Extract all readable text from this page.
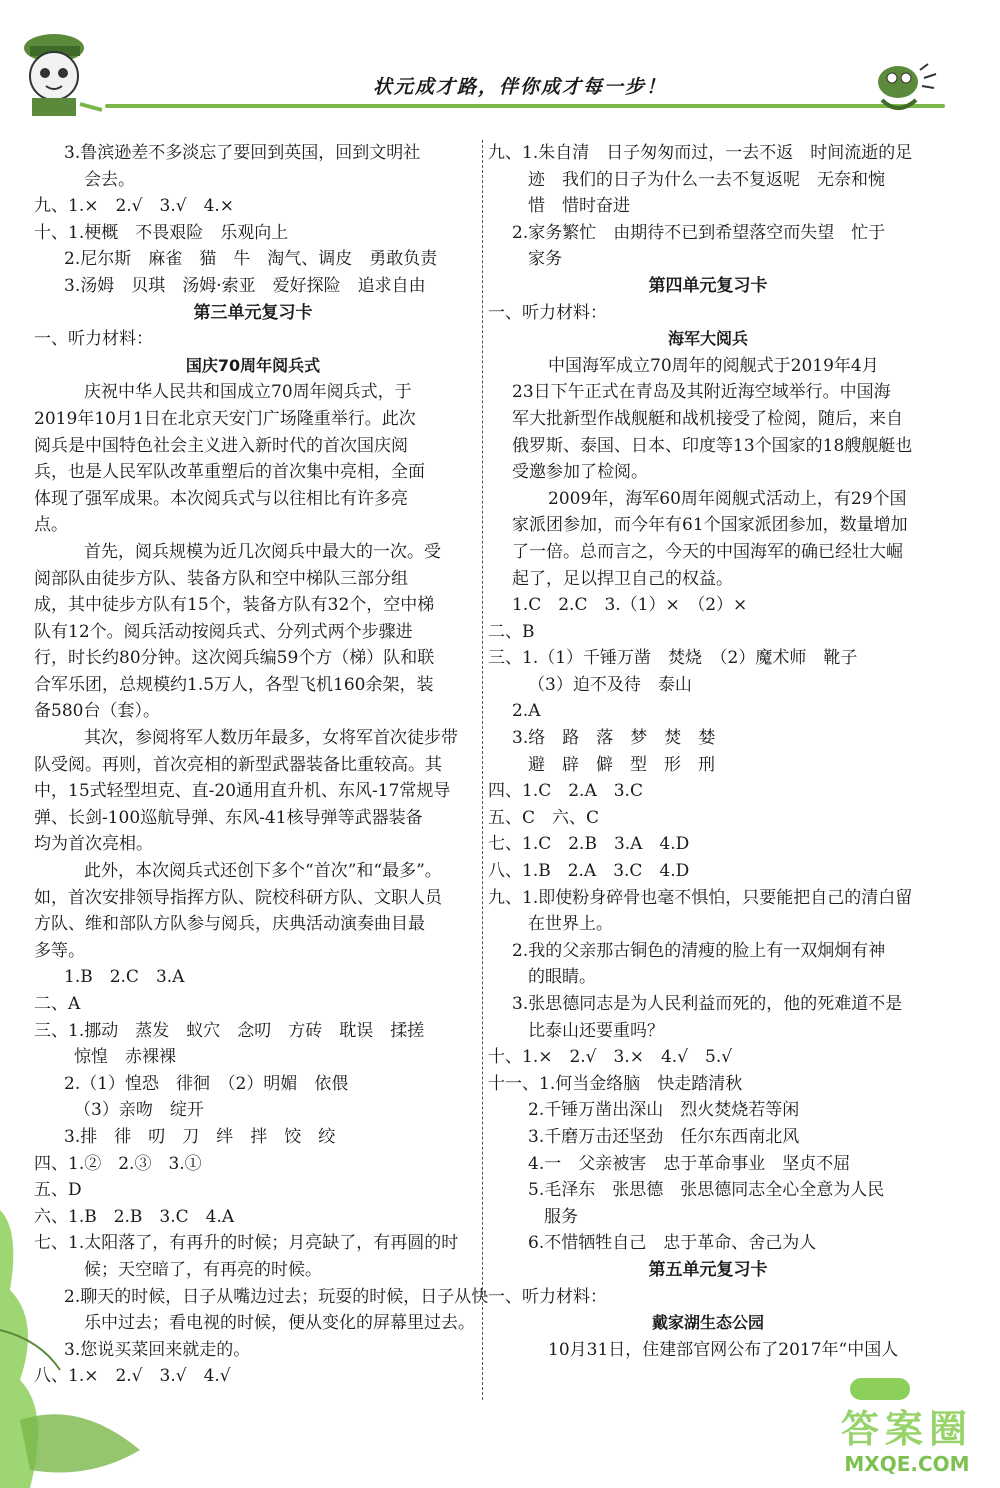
状元成才路，伴你成才每一步！
3.鲁滨逊差不多淡忘了要回到英国，回到文明社
会去。
九、1.×　2.√　3.√　4.×
十、1.梗概　不畏艰险　乐观向上
2.尼尔斯　麻雀　猫　牛　淘气、调皮　勇敢负责
3.汤姆　贝琪　汤姆·索亚　爱好探险　追求自由
第三单元复习卡
一、听力材料：
国庆70周年阅兵式
庆祝中华人民共和国成立70周年阅兵式，于
2019年10月1日在北京天安门广场隆重举行。此次
阅兵是中国特色社会主义进入新时代的首次国庆阅
兵，也是人民军队改革重塑后的首次集中亮相，全面
体现了强军成果。本次阅兵式与以往相比有许多亮
点。
首先，阅兵规模为近几次阅兵中最大的一次。受
阅部队由徒步方队、装备方队和空中梯队三部分组
成，其中徒步方队有15个，装备方队有32个，空中梯
队有12个。阅兵活动按阅兵式、分列式两个步骤进
行，时长约80分钟。这次阅兵编59个方（梯）队和联
合军乐团，总规模约1.5万人，各型飞机160余架，装
备580台（套）。
其次，参阅将军人数历年最多，女将军首次徒步带
队受阅。再则，首次亮相的新型武器装备比重较高。其
中，15式轻型坦克、直-20通用直升机、东风-17常规导
弹、长剑-100巡航导弹、东风-41核导弹等武器装备
均为首次亮相。
此外，本次阅兵式还创下多个“首次”和“最多”。
如，首次安排领导指挥方队、院校科研方队、文职人员
方队、维和部队方队参与阅兵，庆典活动演奏曲目最
多等。
1.B　2.C　3.A
二、A
三、1.挪动　蒸发　蚁穴　念叨　方砖　耽误　揉搓
惊惶　赤裸裸
2.（1）惶恐　徘徊　（2）明媚　依偎
（3）亲吻　绽开
3.排　徘　叨　刀　绊　拌　饺　绞
四、1.②　2.③　3.①
五、D
六、1.B　2.B　3.C　4.A
七、1.太阳落了，有再升的时候；月亮缺了，有再圆的时
候；天空暗了，有再亮的时候。
2.聊天的时候，日子从嘴边过去；玩耍的时候，日子从快
乐中过去；看电视的时候，便从变化的屏幕里过去。
3.您说买菜回来就走的。
八、1.×　2.√　3.√　4.√
九、1.朱自清　日子匆匆而过，一去不返　时间流逝的足
迹　我们的日子为什么一去不复返呢　无奈和惋
惜　惜时奋进
2.家务繁忙　由期待不已到希望落空而失望　忙于
家务
第四单元复习卡
一、听力材料：
海军大阅兵
中国海军成立70周年的阅舰式于2019年4月
23日下午正式在青岛及其附近海空域举行。中国海
军大批新型作战舰艇和战机接受了检阅，随后，来自
俄罗斯、泰国、日本、印度等13个国家的18艘舰艇也
受邀参加了检阅。
2009年，海军60周年阅舰式活动上，有29个国
家派团参加，而今年有61个国家派团参加，数量增加
了一倍。总而言之，今天的中国海军的确已经壮大崛
起了，足以捍卫自己的权益。
1.C　2.C　3.（1）×　（2）×
二、B
三、1.（1）千锤万凿　焚烧　（2）魔术师　靴子
（3）迫不及待　泰山
2.A
3.络　路　落　梦　焚　婪
避　辟　僻　型　形　刑
四、1.C　2.A　3.C
五、C　六、C
七、1.C　2.B　3.A　4.D
八、1.B　2.A　3.C　4.D
九、1.即使粉身碎骨也毫不惧怕，只要能把自己的清白留
在世界上。
2.我的父亲那古铜色的清瘦的脸上有一双炯炯有神
的眼睛。
3.张思德同志是为人民利益而死的，他的死难道不是
比泰山还要重吗？
十、1.×　2.√　3.×　4.√　5.√
十一、1.何当金络脑　快走踏清秋
2.千锤万凿出深山　烈火焚烧若等闲
3.千磨万击还坚劲　任尔东西南北风
4.一　父亲被害　忠于革命事业　坚贞不屈
5.毛泽东　张思德　张思德同志全心全意为人民
服务
6.不惜牺牲自己　忠于革命、舍己为人
第五单元复习卡
一、听力材料：
戴家湖生态公园
10月31日，住建部官网公布了2017年“中国人
答案圈
MXQE.COM
